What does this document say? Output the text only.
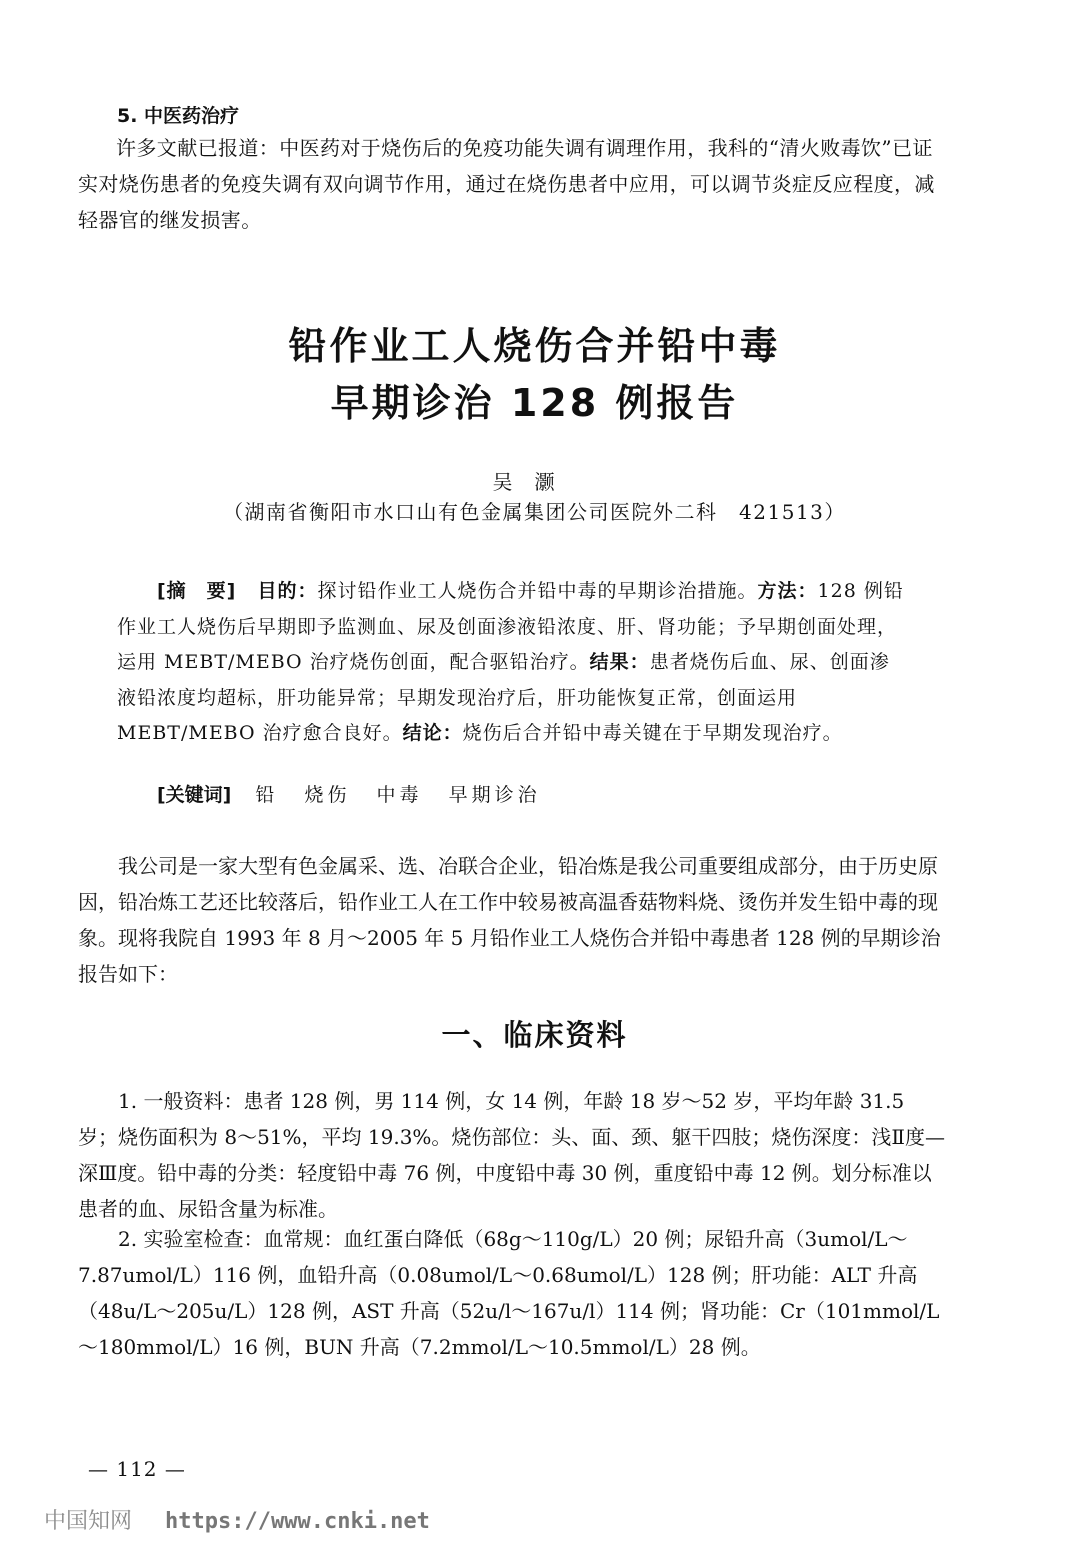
5. 中医药治疗
许多文献已报道：中医药对于烧伤后的免疫功能失调有调理作用，我科的“清火败毒饮”已证实对烧伤患者的免疫失调有双向调节作用，通过在烧伤患者中应用，可以调节炎症反应程度，减轻器官的继发损害。
铅作业工人烧伤合并铅中毒
早期诊治 128 例报告
吴灏
（湖南省衡阳市水口山有色金属集团公司医院外二科　421513）
[摘　要] 目的：探讨铅作业工人烧伤合并铅中毒的早期诊治措施。方法：128 例铅作业工人烧伤后早期即予监测血、尿及创面渗液铅浓度、肝、肾功能；予早期创面处理，运用 MEBT/MEBO 治疗烧伤创面，配合驱铅治疗。结果：患者烧伤后血、尿、创面渗液铅浓度均超标，肝功能异常；早期发现治疗后，肝功能恢复正常，创面运用 MEBT/MEBO 治疗愈合良好。结论：烧伤后合并铅中毒关键在于早期发现治疗。
[关键词] 铅 烧伤 中毒 早期诊治
我公司是一家大型有色金属采、选、冶联合企业，铅冶炼是我公司重要组成部分，由于历史原因，铅冶炼工艺还比较落后，铅作业工人在工作中较易被高温香菇物料烧、烫伤并发生铅中毒的现象。现将我院自 1993 年 8 月～2005 年 5 月铅作业工人烧伤合并铅中毒患者 128 例的早期诊治报告如下：
一、临床资料
1. 一般资料：患者 128 例，男 114 例，女 14 例，年龄 18 岁～52 岁，平均年龄 31.5 岁；烧伤面积为 8～51%，平均 19.3%。烧伤部位：头、面、颈、躯干四肢；烧伤深度：浅Ⅱ度—深Ⅲ度。铅中毒的分类：轻度铅中毒 76 例，中度铅中毒 30 例，重度铅中毒 12 例。划分标准以患者的血、尿铅含量为标准。
2. 实验室检查：血常规：血红蛋白降低（68g～110g/L）20 例；尿铅升高（3umol/L～7.87umol/L）116 例，血铅升高（0.08umol/L～0.68umol/L）128 例；肝功能：ALT 升高（48u/L～205u/L）128 例，AST 升高（52u/l～167u/l）114 例；肾功能：Cr（101mmol/L～180mmol/L）16 例，BUN 升高（7.2mmol/L～10.5mmol/L）28 例。
— 112 —
中国知网 https://www.cnki.net
